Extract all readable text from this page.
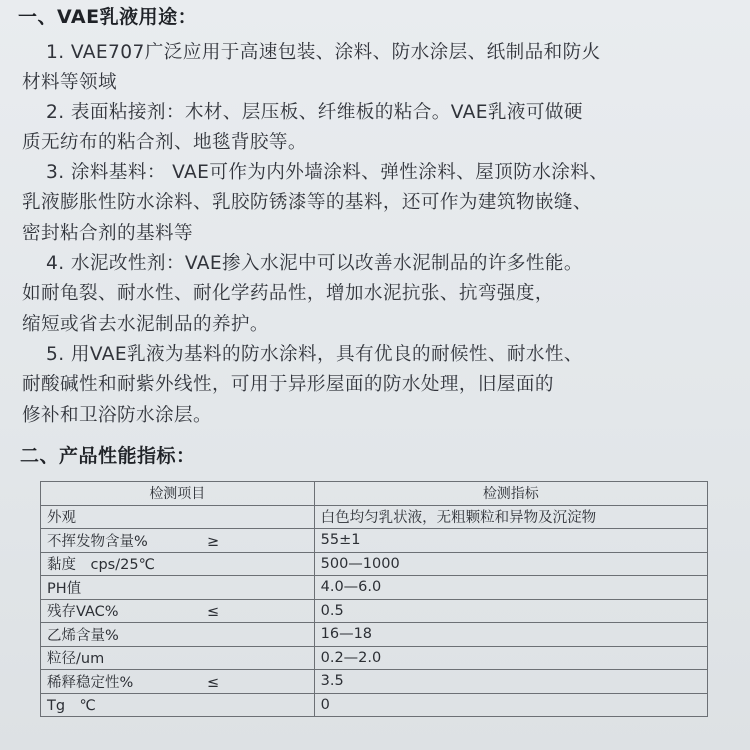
一、VAE乳液用途：
1. VAE707广泛应用于高速包装、涂料、防水涂层、纸制品和防火
材料等领域
2. 表面粘接剂：木材、层压板、纤维板的粘合。VAE乳液可做硬
质无纺布的粘合剂、地毯背胶等。
3. 涂料基料： VAE可作为内外墙涂料、弹性涂料、屋顶防水涂料、
乳液膨胀性防水涂料、乳胶防锈漆等的基料，还可作为建筑物嵌缝、
密封粘合剂的基料等
4. 水泥改性剂：VAE掺入水泥中可以改善水泥制品的许多性能。
如耐龟裂、耐水性、耐化学药品性，增加水泥抗张、抗弯强度，
缩短或省去水泥制品的养护。
5. 用VAE乳液为基料的防水涂料，具有优良的耐候性、耐水性、
耐酸碱性和耐紫外线性，可用于异形屋面的防水处理，旧屋面的
修补和卫浴防水涂层。
二、产品性能指标：
检测项目	检测指标
外观	白色均匀乳状液，无粗颗粒和异物及沉淀物
不挥发物含量% ≥	55±1
黏度　cps/25℃	500—1000
PH值	4.0—6.0
残存VAC% ≤	0.5
乙烯含量%	16—18
粒径/um	0.2—2.0
稀释稳定性% ≤	3.5
Tg　℃	0
